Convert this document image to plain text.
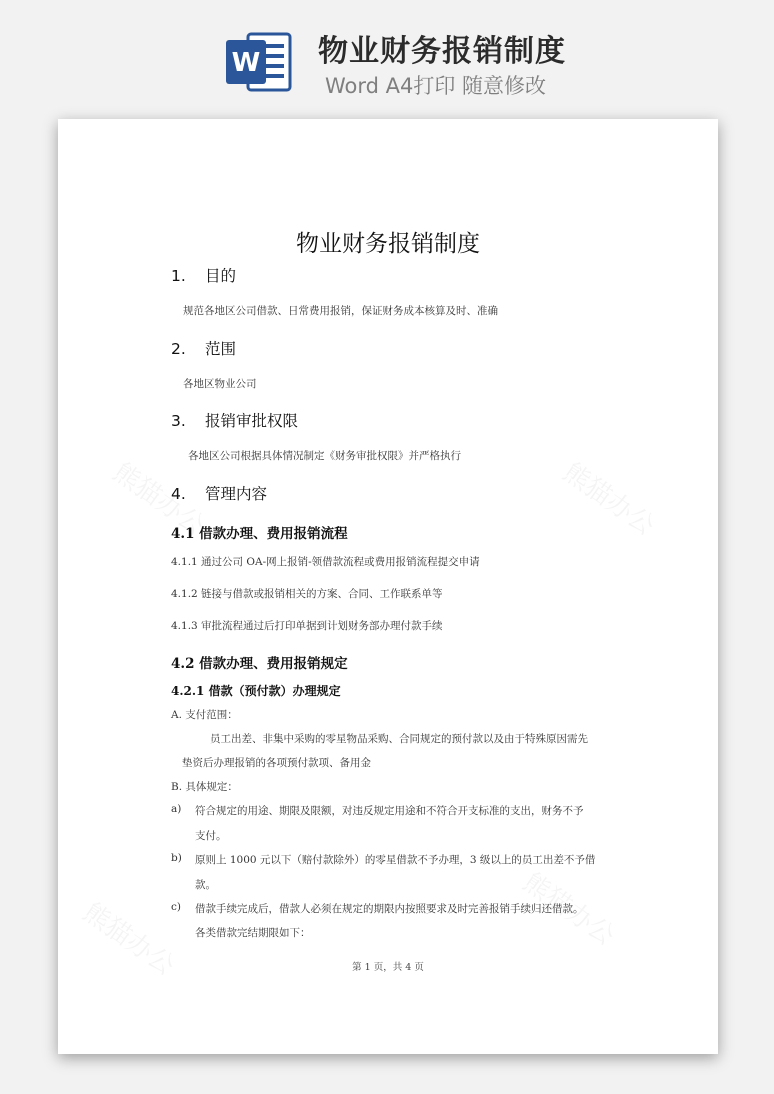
W 物业财务报销制度
Word A4打印 随意修改
物业财务报销制度
1. 目的
规范各地区公司借款、日常费用报销，保证财务成本核算及时、准确
2. 范围
各地区物业公司
3. 报销审批权限
各地区公司根据具体情况制定《财务审批权限》并严格执行
4. 管理内容
4.1 借款办理、费用报销流程
4.1.1 通过公司 OA-网上报销-领借款流程或费用报销流程提交申请
4.1.2 链接与借款或报销相关的方案、合同、工作联系单等
4.1.3 审批流程通过后打印单据到计划财务部办理付款手续
4.2 借款办理、费用报销规定
4.2.1 借款（预付款）办理规定
A. 支付范围：
员工出差、非集中采购的零星物品采购、合同规定的预付款以及由于特殊原因需先
垫资后办理报销的各项预付款项、备用金
B. 具体规定：
a) 符合规定的用途、期限及限额，对违反规定用途和不符合开支标准的支出，财务不予
支付。
b) 原则上 1000 元以下（赔付款除外）的零星借款不予办理，3 级以上的员工出差不予借
款。
c) 借款手续完成后，借款人必须在规定的期限内按照要求及时完善报销手续归还借款。
各类借款完结期限如下：
第 1 页，共 4 页
